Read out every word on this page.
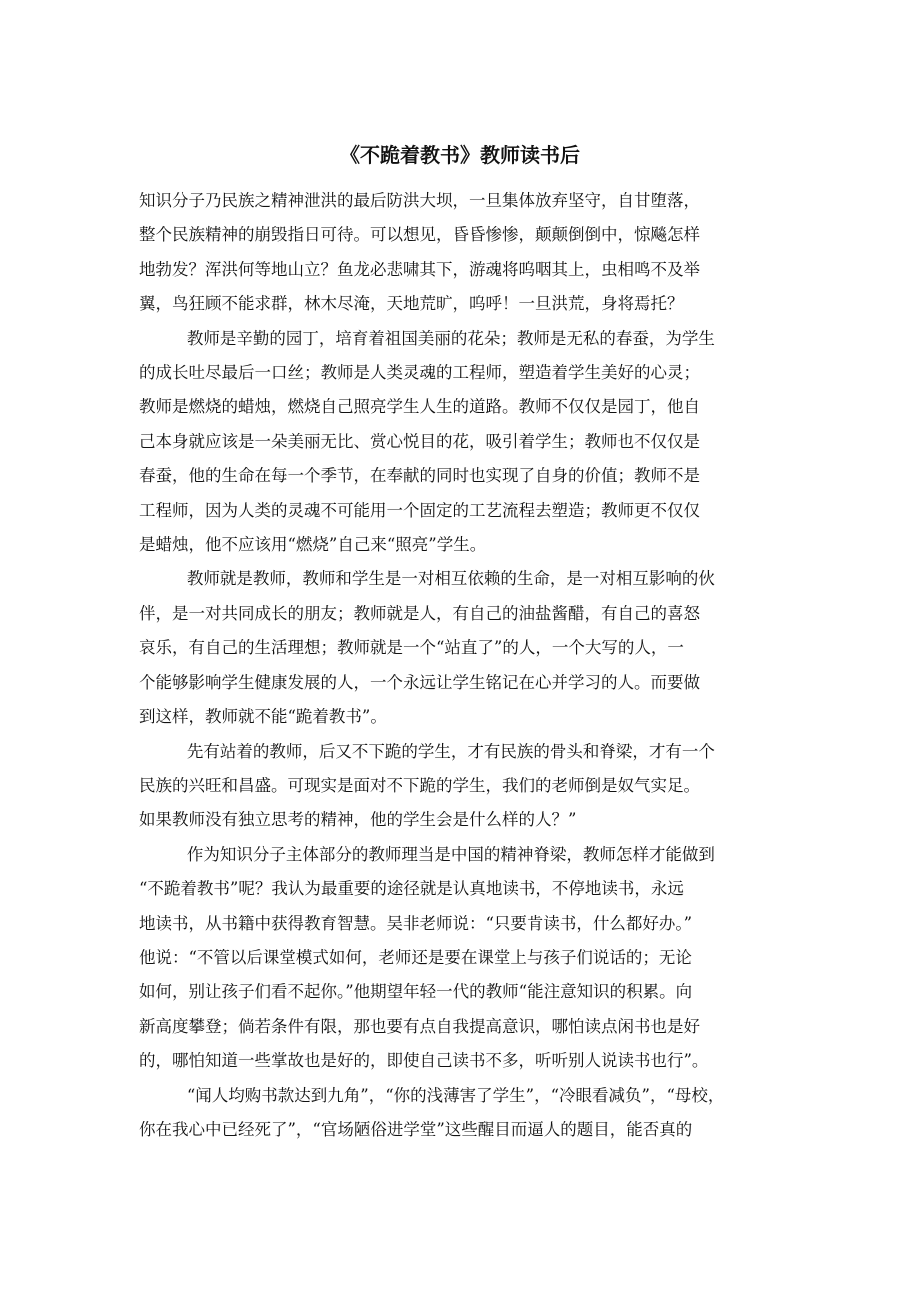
《不跪着教书》教师读书后

知识分子乃民族之精神泄洪的最后防洪大坝，一旦集体放弃坚守，自甘堕落，
整个民族精神的崩毁指日可待。可以想见，昏昏惨惨，颠颠倒倒中，惊飚怎样
地勃发？浑洪何等地山立？鱼龙必悲啸其下，游魂将呜咽其上，虫相鸣不及举
翼，鸟狂顾不能求群，林木尽淹，天地荒旷，呜呼！一旦洪荒，身将焉托？

教师是辛勤的园丁，培育着祖国美丽的花朵；教师是无私的春蚕，为学生
的成长吐尽最后一口丝；教师是人类灵魂的工程师，塑造着学生美好的心灵；
教师是燃烧的蜡烛，燃烧自己照亮学生人生的道路。教师不仅仅是园丁，他自
己本身就应该是一朵美丽无比、赏心悦目的花，吸引着学生；教师也不仅仅是
春蚕，他的生命在每一个季节，在奉献的同时也实现了自身的价值；教师不是
工程师，因为人类的灵魂不可能用一个固定的工艺流程去塑造；教师更不仅仅
是蜡烛，他不应该用“燃烧”自己来“照亮”学生。

教师就是教师，教师和学生是一对相互依赖的生命，是一对相互影响的伙
伴，是一对共同成长的朋友；教师就是人，有自己的油盐酱醋，有自己的喜怒
哀乐，有自己的生活理想；教师就是一个“站直了”的人，一个大写的人，一
个能够影响学生健康发展的人，一个永远让学生铭记在心并学习的人。而要做
到这样，教师就不能“跪着教书”。

先有站着的教师，后又不下跪的学生，才有民族的骨头和脊梁，才有一个
民族的兴旺和昌盛。可现实是面对不下跪的学生，我们的老师倒是奴气实足。
如果教师没有独立思考的精神，他的学生会是什么样的人？”

作为知识分子主体部分的教师理当是中国的精神脊梁，教师怎样才能做到
“不跪着教书”呢？我认为最重要的途径就是认真地读书，不停地读书，永远
地读书，从书籍中获得教育智慧。吴非老师说：“只要肯读书，什么都好办。”
他说：“不管以后课堂模式如何，老师还是要在课堂上与孩子们说话的；无论
如何，别让孩子们看不起你。”他期望年轻一代的教师“能注意知识的积累。向
新高度攀登；倘若条件有限，那也要有点自我提高意识，哪怕读点闲书也是好
的，哪怕知道一些掌故也是好的，即使自己读书不多，听听别人说读书也行”。

“闻人均购书款达到九角”，“你的浅薄害了学生”，“冷眼看减负”，“母校，
你在我心中已经死了”，“官场陋俗进学堂”这些醒目而逼人的题目，能否真的
